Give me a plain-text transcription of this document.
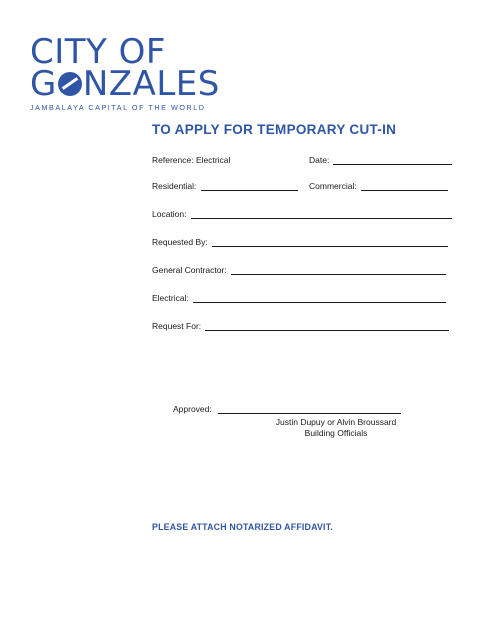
CITY OF
G NZALES
JAMBALAYA CAPITAL OF THE WORLD
TO APPLY FOR TEMPORARY CUT-IN
Reference: Electrical	Date:
Residential:	Commercial:
Location:
Requested By:
General Contractor:
Electrical:
Request For:
Approved:
Justin Dupuy or Alvin Broussard
Building Officials
PLEASE ATTACH NOTARIZED AFFIDAVIT.
